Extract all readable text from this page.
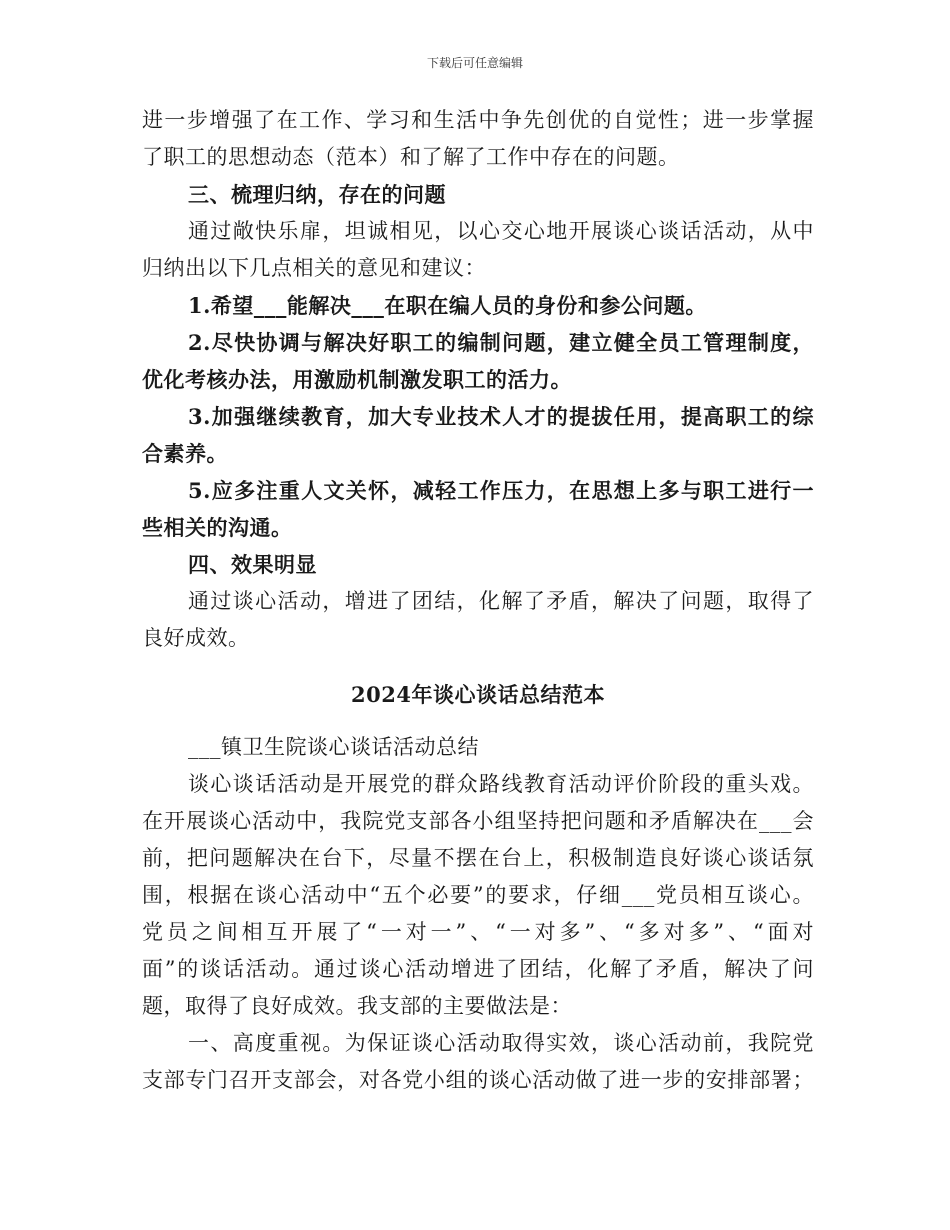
下载后可任意编辑
进一步增强了在工作、学习和生活中争先创优的自觉性；进一步掌握
了职工的思想动态（范本）和了解了工作中存在的问题。
三、梳理归纳，存在的问题
通过敞快乐扉，坦诚相见，以心交心地开展谈心谈话活动，从中
归纳出以下几点相关的意见和建议：
1.希望___能解决___在职在编人员的身份和参公问题。
2.尽快协调与解决好职工的编制问题，建立健全员工管理制度，
优化考核办法，用激励机制激发职工的活力。
3.加强继续教育，加大专业技术人才的提拔任用，提高职工的综
合素养。
5.应多注重人文关怀，减轻工作压力，在思想上多与职工进行一
些相关的沟通。
四、效果明显
通过谈心活动，增进了团结，化解了矛盾，解决了问题，取得了
良好成效。
2024年谈心谈话总结范本
___镇卫生院谈心谈话活动总结
谈心谈话活动是开展党的群众路线教育活动评价阶段的重头戏。
在开展谈心活动中，我院党支部各小组坚持把问题和矛盾解决在___会
前，把问题解决在台下，尽量不摆在台上，积极制造良好谈心谈话氛
围，根据在谈心活动中“五个必要”的要求，仔细___党员相互谈心。
党员之间相互开展了“一对一”、“一对多”、“多对多”、“面对
面”的谈话活动。通过谈心活动增进了团结，化解了矛盾，解决了问
题，取得了良好成效。我支部的主要做法是：
一、高度重视。为保证谈心活动取得实效，谈心活动前，我院党
支部专门召开支部会，对各党小组的谈心活动做了进一步的安排部署；
